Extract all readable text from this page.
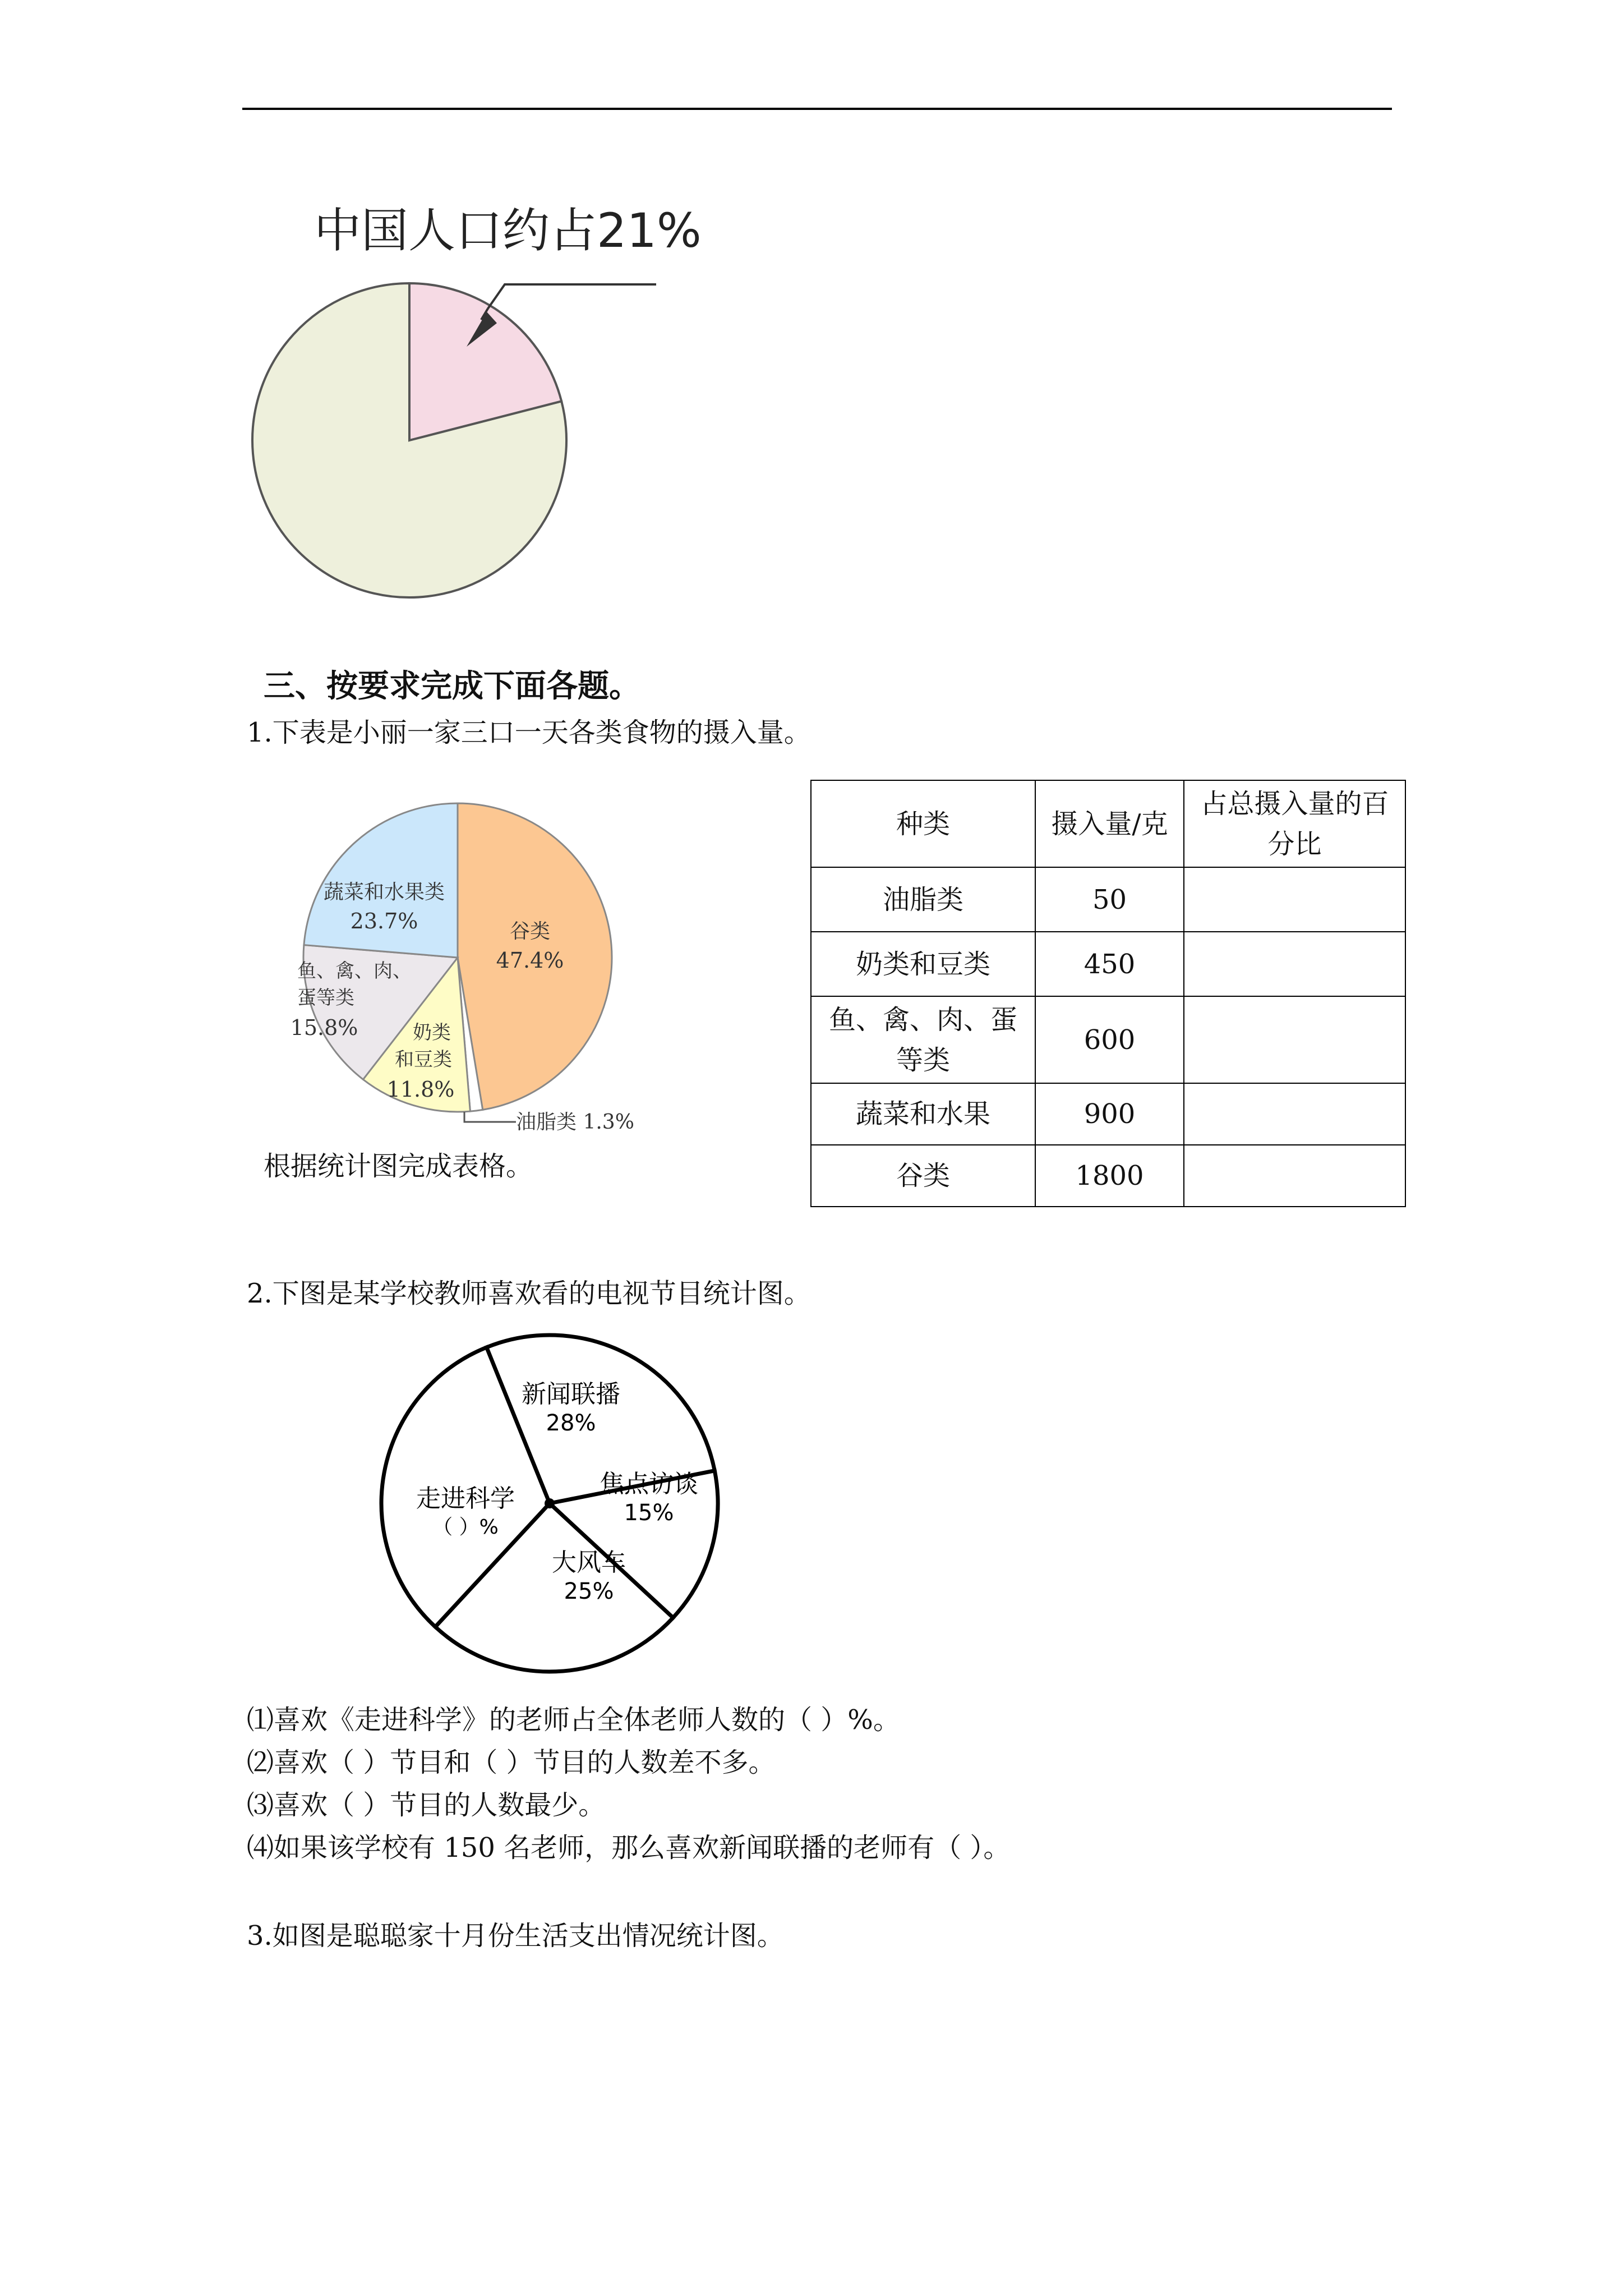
中国人口约占21%
三、按要求完成下面各题。
1.下表是小丽一家三口一天各类食物的摄入量。
谷类
47.4%
蔬菜和水果类
23.7%
鱼、禽、肉、
蛋等类
15.8%	奶类
和豆类
11.8%
油脂类 1.3%
根据统计图完成表格。
种类	摄入量/克	占总摄入量的百分比
油脂类	50	
奶类和豆类	450	
鱼、禽、肉、蛋等类	600	
蔬菜和水果	900	
谷类	1800	
2.下图是某学校教师喜欢看的电视节目统计图。
新闻联播
28%
焦点访谈
15%
大风车
25%
走进科学
（ ）%
⑴喜欢《走进科学》的老师占全体老师人数的（ ）%。
⑵喜欢（ ）节目和（ ）节目的人数差不多。
⑶喜欢（ ）节目的人数最少。
⑷如果该学校有 150 名老师，那么喜欢新闻联播的老师有（ ）。
3.如图是聪聪家十月份生活支出情况统计图。
